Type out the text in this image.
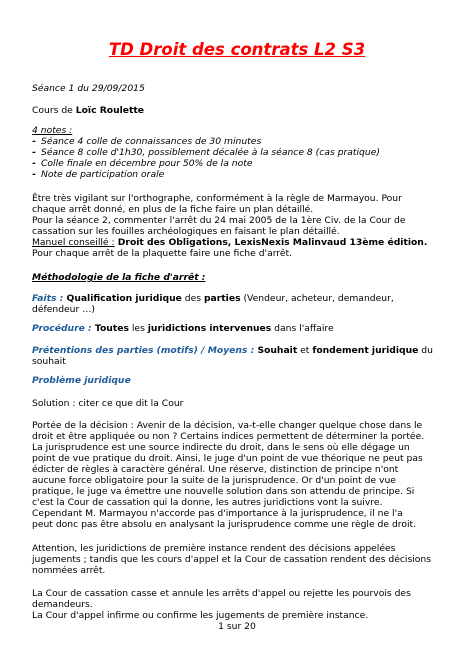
TD Droit des contrats L2 S3
Séance 1 du 29/09/2015
Cours de Loïc Roulette
4 notes :
- Séance 4 colle de connaissances de 30 minutes
- Séance 8 colle d'1h30, possiblement décalée à la séance 8 (cas pratique)
- Colle finale en décembre pour 50% de la note
- Note de participation orale
Être très vigilant sur l'orthographe, conformément à la règle de Marmayou. Pour
chaque arrêt donné, en plus de la fiche faire un plan détaillé.
Pour la séance 2, commenter l'arrêt du 24 mai 2005 de la 1ère Civ. de la Cour de
cassation sur les fouilles archéologiques en faisant le plan détaillé.
Manuel conseillé : Droit des Obligations, LexisNexis Malinvaud 13ème édition.
Pour chaque arrêt de la plaquette faire une fiche d'arrêt.
Méthodologie de la fiche d'arrêt :
Faits : Qualification juridique des parties (Vendeur, acheteur, demandeur,
défendeur …)
Procédure : Toutes les juridictions intervenues dans l'affaire
Prétentions des parties (motifs) / Moyens : Souhait et fondement juridique du
souhait
Problème juridique
Solution : citer ce que dit la Cour
Portée de la décision : Avenir de la décision, va-t-elle changer quelque chose dans le
droit et être appliquée ou non ? Certains indices permettent de déterminer la portée.
La jurisprudence est une source indirecte du droit, dans le sens où elle dégage un
point de vue pratique du droit. Ainsi, le juge d'un point de vue théorique ne peut pas
édicter de règles à caractère général. Une réserve, distinction de principe n'ont
aucune force obligatoire pour la suite de la jurisprudence. Or d'un point de vue
pratique, le juge va émettre une nouvelle solution dans son attendu de principe. Si
c'est la Cour de cassation qui la donne, les autres juridictions vont la suivre.
Cependant M. Marmayou n'accorde pas d'importance à la jurisprudence, il ne l'a
peut donc pas être absolu en analysant la jurisprudence comme une règle de droit.
Attention, les juridictions de première instance rendent des décisions appelées
jugements ; tandis que les cours d'appel et la Cour de cassation rendent des décisions
nommées arrêt.
La Cour de cassation casse et annule les arrêts d'appel ou rejette les pourvois des
demandeurs.
La Cour d'appel infirme ou confirme les jugements de première instance.
1 sur 20
